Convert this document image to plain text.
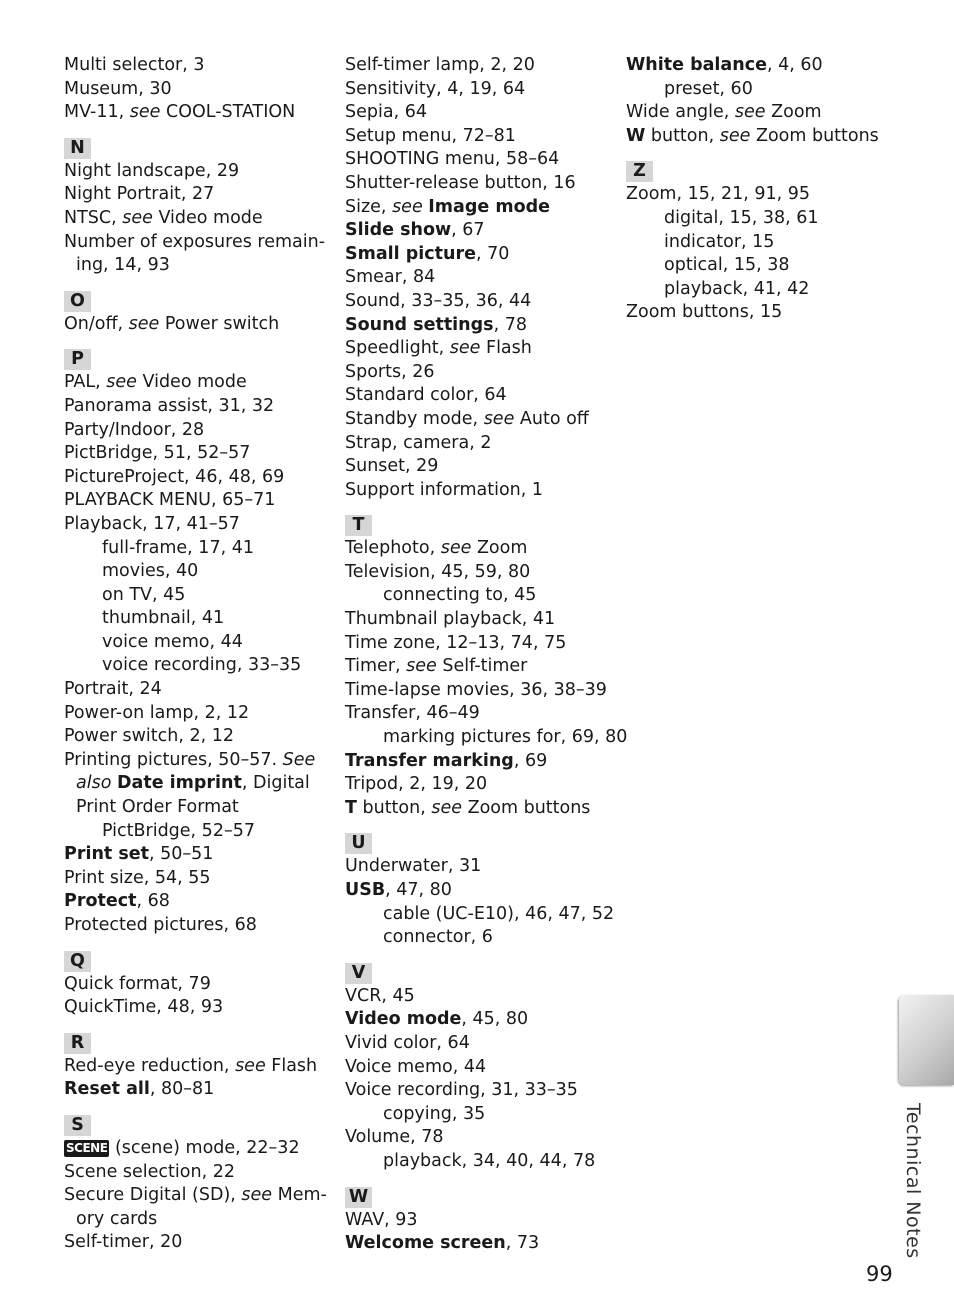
Multi selector, 3
Museum, 30
MV-11, see COOL-STATION
N
Night landscape, 29
Night Portrait, 27
NTSC, see Video mode
Number of exposures remain-
ing, 14, 93
O
On/off, see Power switch
P
PAL, see Video mode
Panorama assist, 31, 32
Party/Indoor, 28
PictBridge, 51, 52–57
PictureProject, 46, 48, 69
PLAYBACK MENU, 65–71
Playback, 17, 41–57
full-frame, 17, 41
movies, 40
on TV, 45
thumbnail, 41
voice memo, 44
voice recording, 33–35
Portrait, 24
Power-on lamp, 2, 12
Power switch, 2, 12
Printing pictures, 50–57. See
also Date imprint, Digital
Print Order Format
PictBridge, 52–57
Print set, 50–51
Print size, 54, 55
Protect, 68
Protected pictures, 68
Q
Quick format, 79
QuickTime, 48, 93
R
Red-eye reduction, see Flash
Reset all, 80–81
S
SCENE (scene) mode, 22–32
Scene selection, 22
Secure Digital (SD), see Mem-
ory cards
Self-timer, 20
Self-timer lamp, 2, 20
Sensitivity, 4, 19, 64
Sepia, 64
Setup menu, 72–81
SHOOTING menu, 58–64
Shutter-release button, 16
Size, see Image mode
Slide show, 67
Small picture, 70
Smear, 84
Sound, 33–35, 36, 44
Sound settings, 78
Speedlight, see Flash
Sports, 26
Standard color, 64
Standby mode, see Auto off
Strap, camera, 2
Sunset, 29
Support information, 1
T
Telephoto, see Zoom
Television, 45, 59, 80
connecting to, 45
Thumbnail playback, 41
Time zone, 12–13, 74, 75
Timer, see Self-timer
Time-lapse movies, 36, 38–39
Transfer, 46–49
marking pictures for, 69, 80
Transfer marking, 69
Tripod, 2, 19, 20
T button, see Zoom buttons
U
Underwater, 31
USB, 47, 80
cable (UC-E10), 46, 47, 52
connector, 6
V
VCR, 45
Video mode, 45, 80
Vivid color, 64
Voice memo, 44
Voice recording, 31, 33–35
copying, 35
Volume, 78
playback, 34, 40, 44, 78
W
WAV, 93
Welcome screen, 73
White balance, 4, 60
preset, 60
Wide angle, see Zoom
W button, see Zoom buttons
Z
Zoom, 15, 21, 91, 95
digital, 15, 38, 61
indicator, 15
optical, 15, 38
playback, 41, 42
Zoom buttons, 15
Technical Notes
99
